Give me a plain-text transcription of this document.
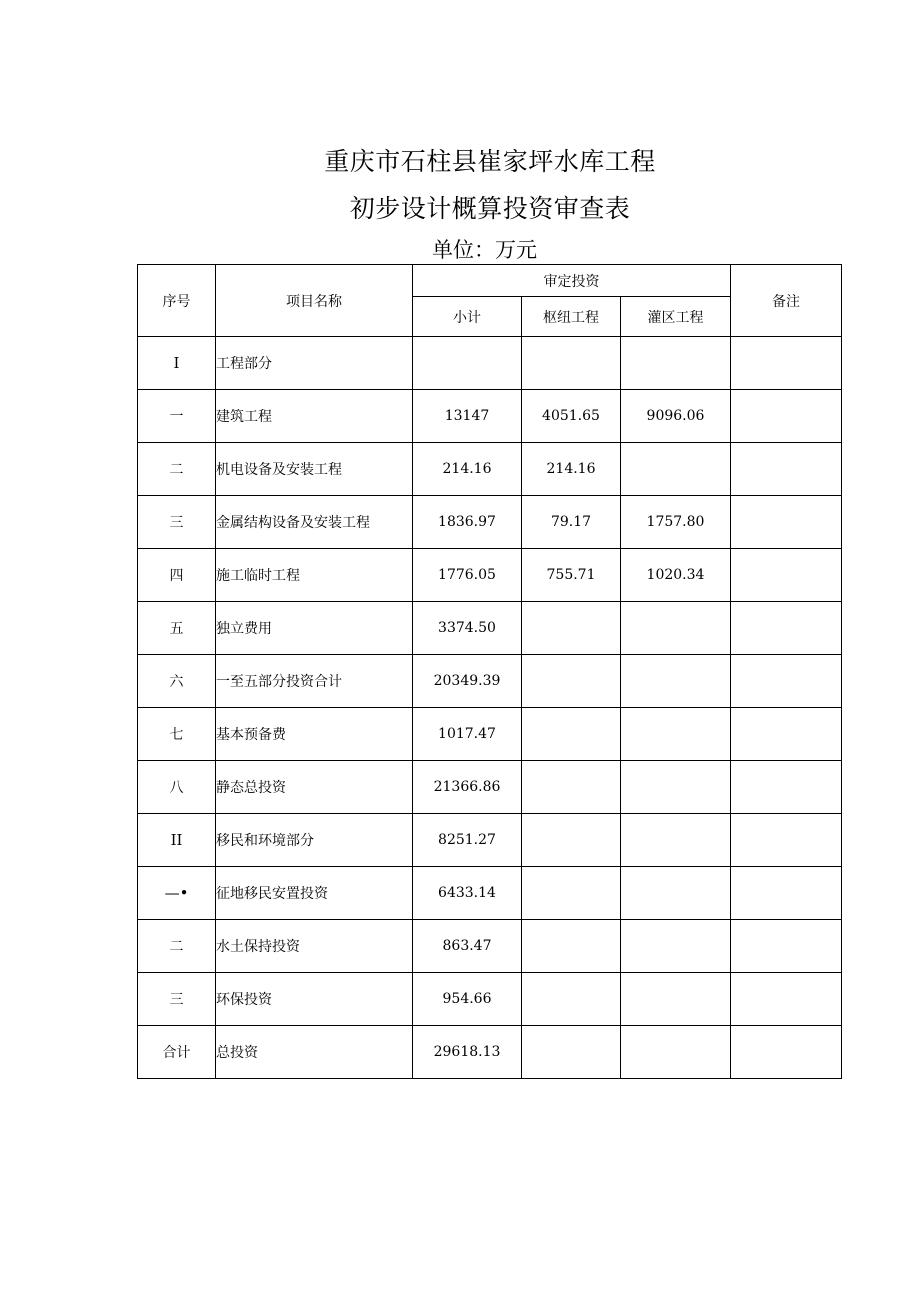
重庆市石柱县崔家坪水库工程
初步设计概算投资审查表
单位：万元
序号	项目名称	审定投资			备注
		小计	枢纽工程	灌区工程	
Ⅰ	工程部分				
一	建筑工程	13147	4051.65	9096.06	
二	机电设备及安装工程	214.16	214.16		
三	金属结构设备及安装工程	1836.97	79.17	1757.80	
四	施工临时工程	1776.05	755.71	1020.34	
五	独立费用	3374.50			
六	一至五部分投资合计	20349.39			
七	基本预备费	1017.47			
八	静态总投资	21366.86			
II	移民和环境部分	8251.27			
—•	征地移民安置投资	6433.14			
二	水土保持投资	863.47			
三	环保投资	954.66			
合计	总投资	29618.13			
